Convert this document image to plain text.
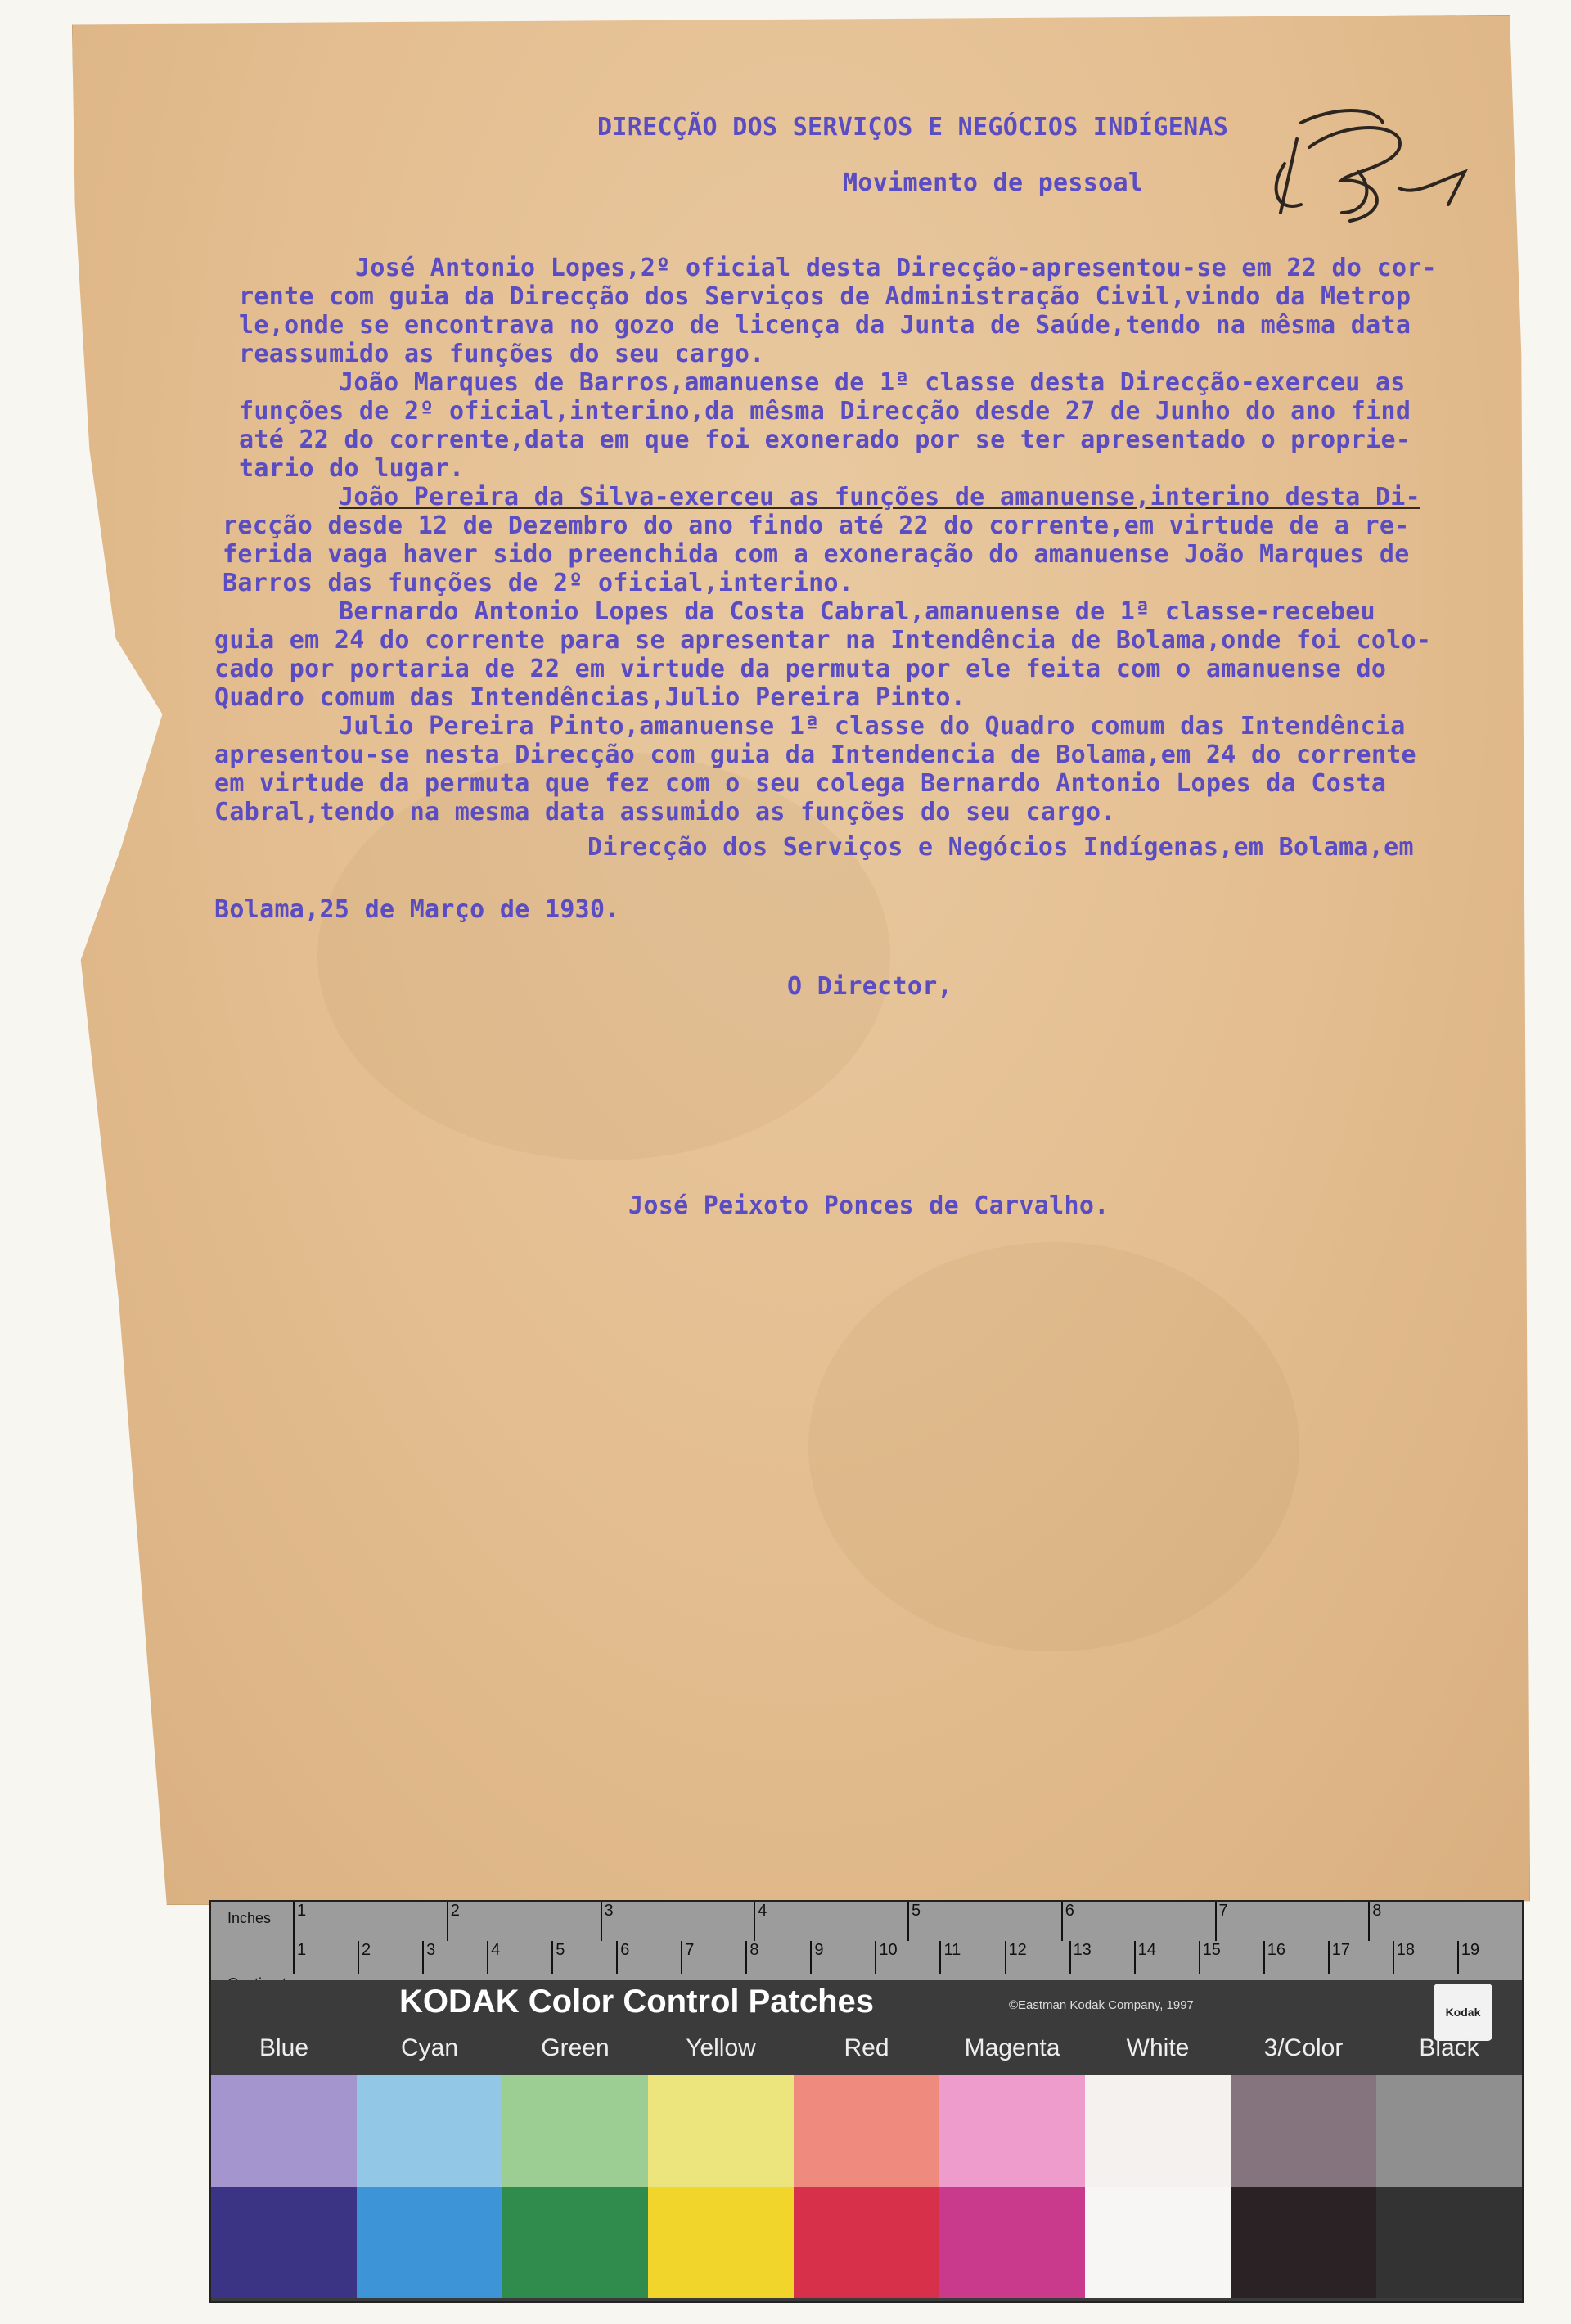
DIRECÇÃO DOS SERVIÇOS E NEGÓCIOS INDÍGENAS

Movimento de pessoal

José Antonio Lopes,2º oficial desta Direcção-apresentou-se em 22 do cor-

rente com guia da Direcção dos Serviços de Administração Civil,vindo da Metrop

le,onde se encontrava no gozo de licença da Junta de Saúde,tendo na mêsma data

reassumido as funções do seu cargo.

João Marques de Barros,amanuense de 1ª classe desta Direcção-exerceu as

funções de 2º oficial,interino,da mêsma Direcção desde 27 de Junho do ano find

até 22 do corrente,data em que foi exonerado por se ter apresentado o proprie-

tario do lugar.

João Pereira da Silva-exerceu as funções de amanuense,interino desta Di-

recção desde 12 de Dezembro do ano findo até 22 do corrente,em virtude de a re-

ferida vaga haver sido preenchida com a exoneração do amanuense João Marques de

Barros das funções de 2º oficial,interino.

Bernardo Antonio Lopes da Costa Cabral,amanuense de 1ª classe-recebeu

guia em 24 do corrente para se apresentar na Intendência de Bolama,onde foi colo-

cado por portaria de 22 em virtude da permuta por ele feita com o amanuense do

Quadro comum das Intendências,Julio Pereira Pinto.

Julio Pereira Pinto,amanuense 1ª classe do Quadro comum das Intendência

apresentou-se nesta Direcção com guia da Intendencia de Bolama,em 24 do corrente

em virtude da permuta que fez com o seu colega Bernardo Antonio Lopes da Costa

Cabral,tendo na mesma data assumido as funções do seu cargo.

Direcção dos Serviços e Negócios Indígenas,em Bolama,em

Bolama,25 de Março de 1930.

O Director,

José Peixoto Ponces de Carvalho.

Inches 1	2	3	4	5	6	7	8
1	2	3	4	5	6	7	8	9	10	11	12	13	14	15	16	17	18	19
KODAK Color Control Patches	©Eastman Kodak Company, 1997	Kodak
Blue	Cyan	Green	Yellow	Red	Magenta	White	3/Color	Black
